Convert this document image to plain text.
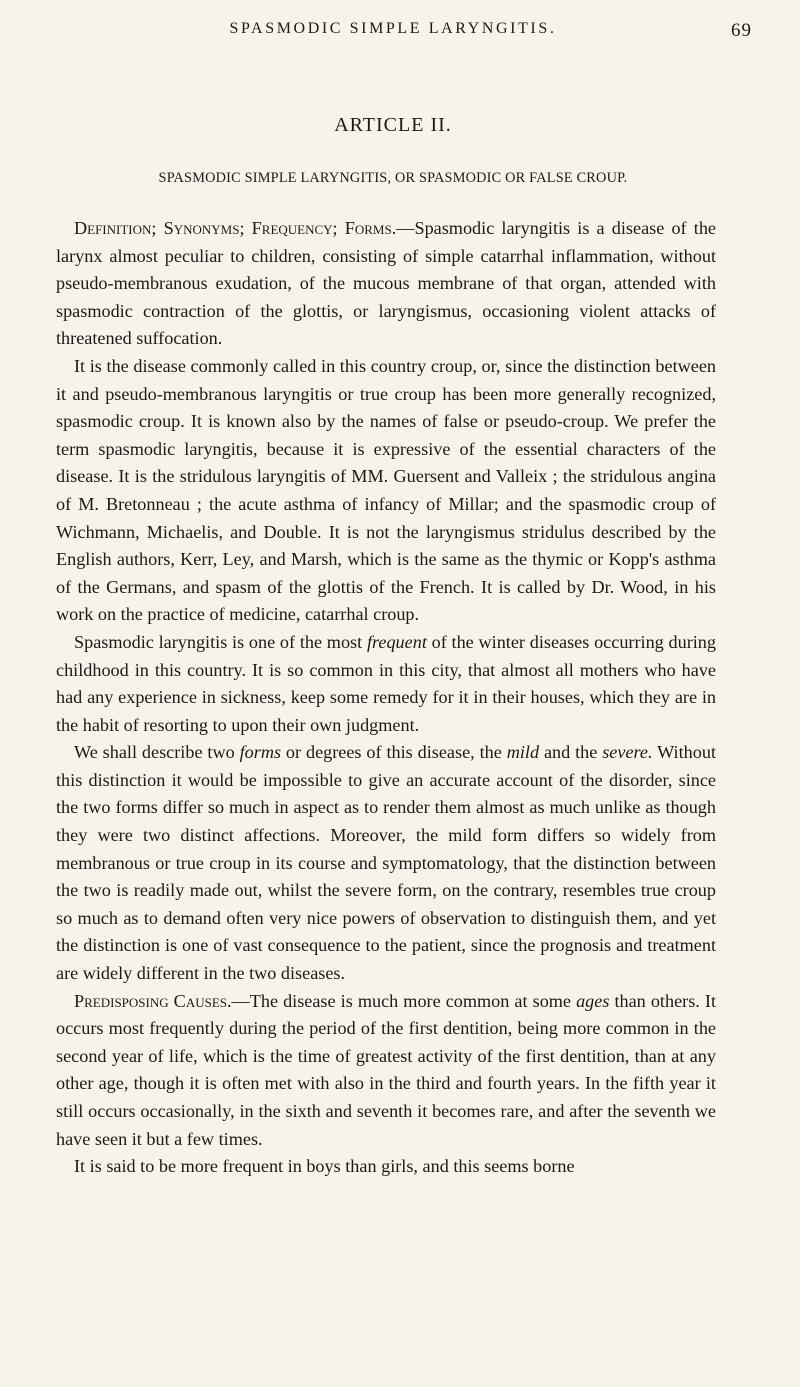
SPASMODIC SIMPLE LARYNGITIS.	69
ARTICLE II.
SPASMODIC SIMPLE LARYNGITIS, OR SPASMODIC OR FALSE CROUP.

Definition; Synonyms; Frequency; Forms.—Spasmodic laryngitis is a disease of the larynx almost peculiar to children, consisting of simple catarrhal inflammation, without pseudo-membranous exudation, of the mucous membrane of that organ, attended with spasmodic contraction of the glottis, or laryngismus, occasioning violent attacks of threatened suffocation.

It is the disease commonly called in this country croup, or, since the distinction between it and pseudo-membranous laryngitis or true croup has been more generally recognized, spasmodic croup. It is known also by the names of false or pseudo-croup. We prefer the term spasmodic laryngitis, because it is expressive of the essential characters of the disease. It is the stridulous laryngitis of MM. Guersent and Valleix ; the stridulous angina of M. Bretonneau ; the acute asthma of infancy of Millar; and the spasmodic croup of Wichmann, Michaelis, and Double. It is not the laryngismus stridulus described by the English authors, Kerr, Ley, and Marsh, which is the same as the thymic or Kopp's asthma of the Germans, and spasm of the glottis of the French. It is called by Dr. Wood, in his work on the practice of medicine, catarrhal croup.

Spasmodic laryngitis is one of the most frequent of the winter diseases occurring during childhood in this country. It is so common in this city, that almost all mothers who have had any experience in sickness, keep some remedy for it in their houses, which they are in the habit of resorting to upon their own judgment.

We shall describe two forms or degrees of this disease, the mild and the severe. Without this distinction it would be impossible to give an accurate account of the disorder, since the two forms differ so much in aspect as to render them almost as much unlike as though they were two distinct affections. Moreover, the mild form differs so widely from membranous or true croup in its course and symptomatology, that the distinction between the two is readily made out, whilst the severe form, on the contrary, resembles true croup so much as to demand often very nice powers of observation to distinguish them, and yet the distinction is one of vast consequence to the patient, since the prognosis and treatment are widely different in the two diseases.

Predisposing Causes.—The disease is much more common at some ages than others. It occurs most frequently during the period of the first dentition, being more common in the second year of life, which is the time of greatest activity of the first dentition, than at any other age, though it is often met with also in the third and fourth years. In the fifth year it still occurs occasionally, in the sixth and seventh it becomes rare, and after the seventh we have seen it but a few times.

It is said to be more frequent in boys than girls, and this seems borne
